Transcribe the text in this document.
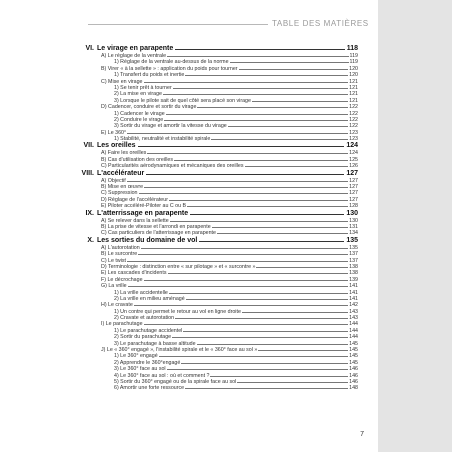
TABLE DES MATIÈRES
VI. Le virage en parapente	118
A) Le réglage de la ventrale	119
1) Réglage de la ventrale au-dessus de la norme	119
B) Virer « à la sellette » : application du poids pour tourner	120
1) Transfert du poids et inertie	120
C) Mise en virage	121
1) Se tenir prêt à tourner	121
2) La mise en virage	121
3) Lorsque le pilote sait de quel côté sera placé son virage	121
D) Cadencer, conduire et sortir du virage	122
1) Cadencer le virage	122
2) Conduire le virage	122
3) Sortir du virage et amortir la vitesse du virage	122
E) Le 360°	123
1) Stabilité, neutralité et instabilité spirale	123
VII. Les oreilles	124
A) Faire les oreilles	124
B) Cas d'utilisation des oreilles	125
C) Particularités aérodynamiques et mécaniques des oreilles	126
VIII. L'accélérateur	127
A) Objectif	127
B) Mise en œuvre	127
C) Suppression	127
D) Réglage de l'accélérateur	127
E) Piloter accéléré-Piloter au C ou B	128
IX. L'atterrissage en parapente	130
A) Se relever dans la sellette	130
B) La prise de vitesse et l'arrondi en parapente	131
C) Cas particuliers de l'atterrissage en parapente	134
X. Les sorties du domaine de vol	135
A) L'autorotation	135
B) Le surcontre	137
C) Le twist	137
D) Terminologie : distinction entre « sur pilotage » et « surcontre »	138
E) Les cascades d'incidents	138
F) Le décrochage	139
G) La vrille	141
1) La vrille accidentelle	141
2) La vrille en milieu aménagé	141
H) Le cravate	142
1) Un contre qui permet le retour au vol en ligne droite	143
2) Cravate et autorotation	143
I) Le parachutage	144
1) Le parachutage accidentel	144
2) Sortir du parachutage	144
3) Le parachutage à basse altitude	145
J) Le « 360° engagé », l'instabilité spirale et le « 360° face au sol »	145
1) Le 360° engagé	145
2) Apprendre le 360°engagé	145
3) Le 360° face au sol	146
4) Le 360° face au sol : où et comment ?	146
5) Sortir du 360° engagé ou de la spirale face au sol	146
6) Amortir une forte ressource	148
7
